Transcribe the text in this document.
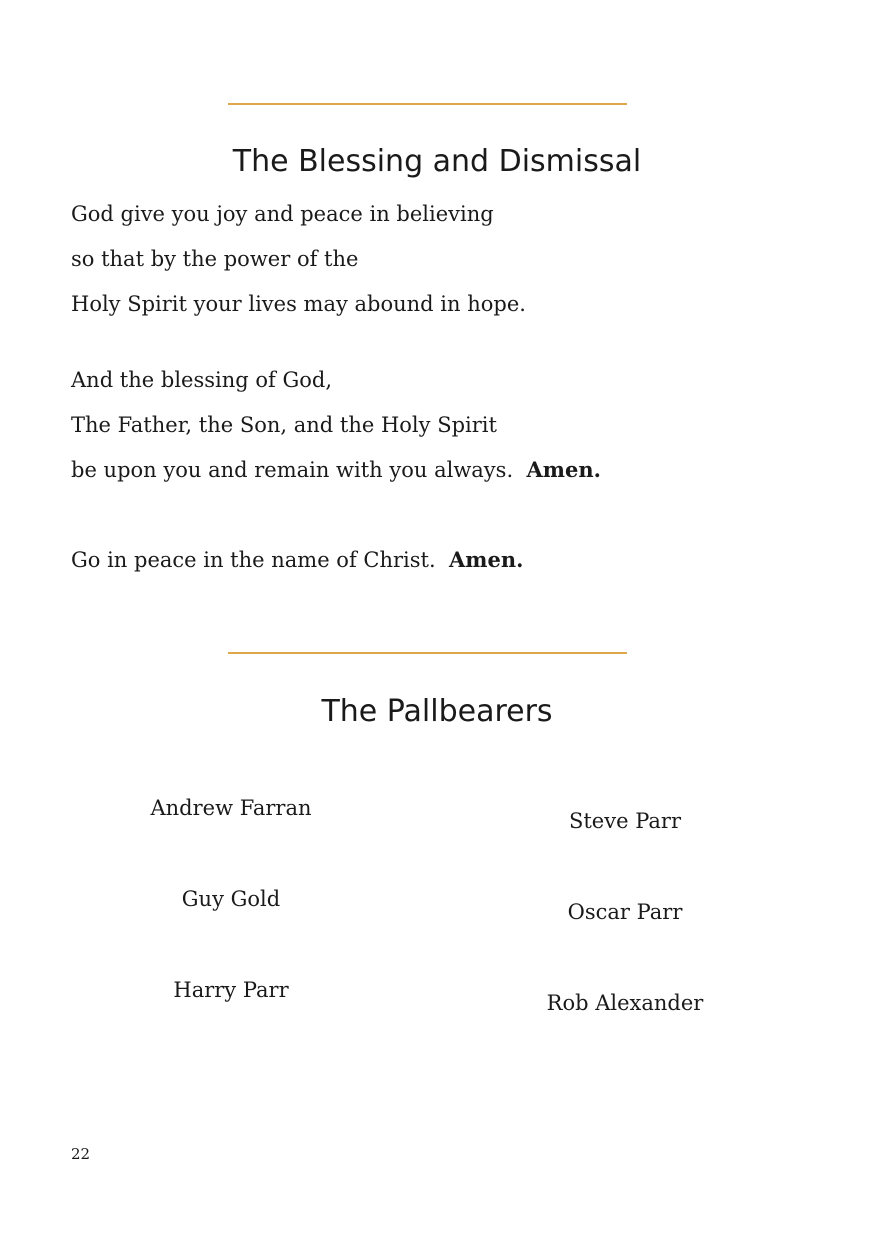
The Blessing and Dismissal
God give you joy and peace in believing
so that by the power of the
Holy Spirit your lives may abound in hope.
And the blessing of God,
The Father, the Son, and the Holy Spirit
be upon you and remain with you always. Amen.
Go in peace in the name of Christ. Amen.
The Pallbearers
Andrew Farran
Guy Gold
Harry Parr
Steve Parr
Oscar Parr
Rob Alexander
22
